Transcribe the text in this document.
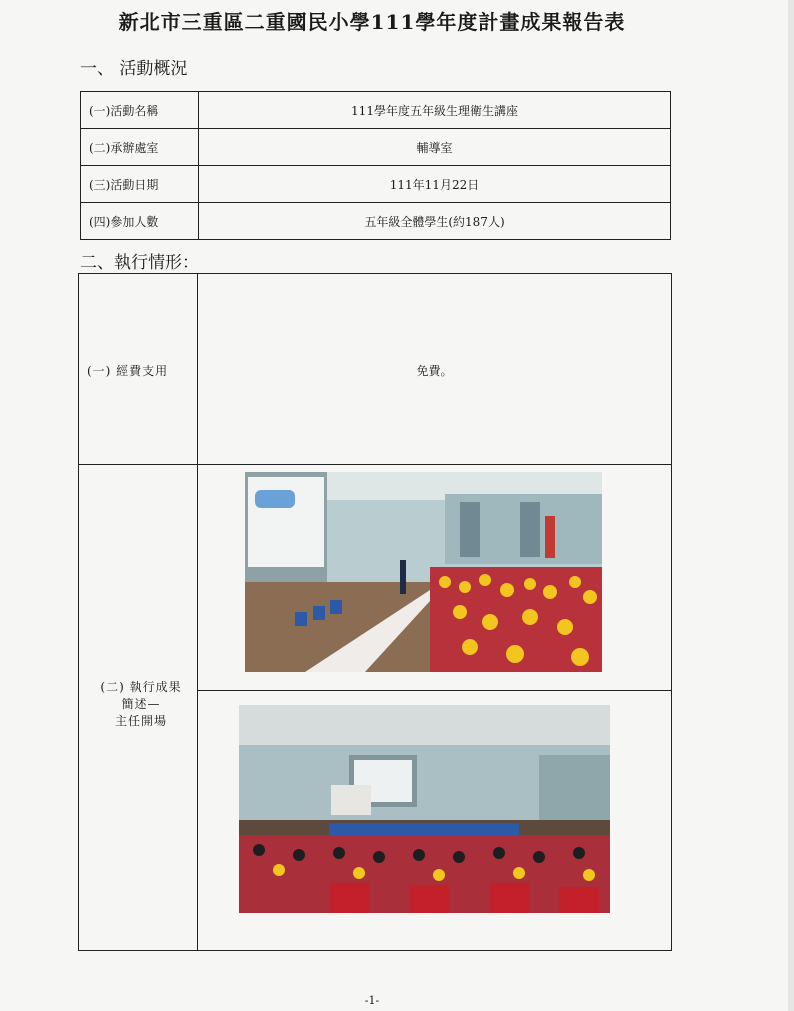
新北市三重區二重國民小學111學年度計畫成果報告表
一、 活動概況
(一)活動名稱	111學年度五年級生理衛生講座
(二)承辦處室	輔導室
(三)活動日期	111年11月22日
(四)參加人數	五年級全體學生(約187人)
二、執行情形：
(一) 經費支用	免費。
(二) 執行成果
簡述—
主任開場
-1-
